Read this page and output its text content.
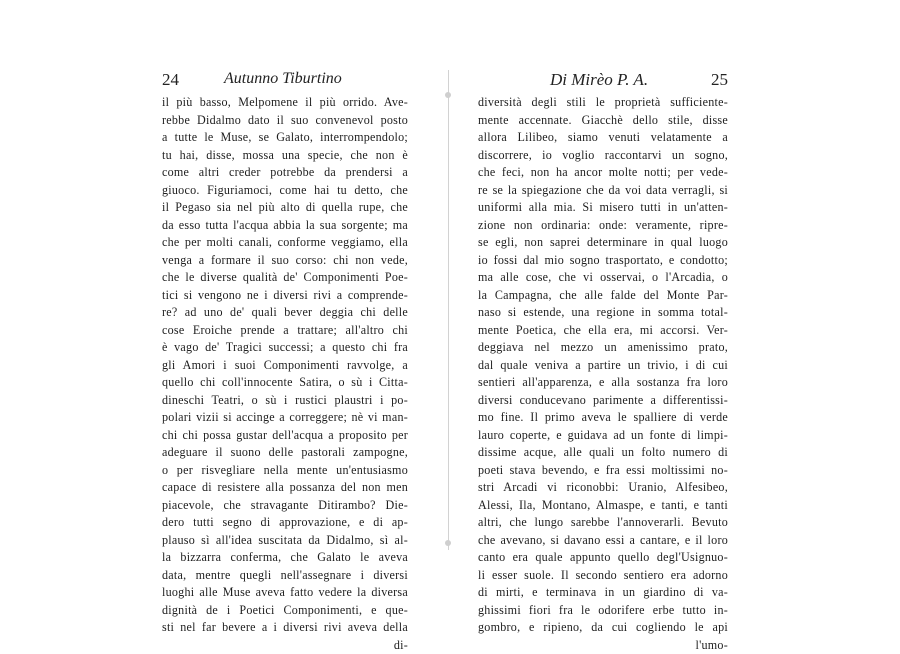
24	Autunno Tiburtino
il più basso, Melpomene il più orrido. Ave-
rebbe Didalmo dato il suo convenevol posto
a tutte le Muse, se Galato, interrompendolo;
tu hai, disse, mossa una specie, che non è
come altri creder potrebbe da prendersi a
giuoco. Figuriamoci, come hai tu detto, che
il Pegaso sia nel più alto di quella rupe, che
da esso tutta l'acqua abbia la sua sorgente; ma
che per molti canali, conforme veggiamo, ella
venga a formare il suo corso: chi non vede,
che le diverse qualità de' Componimenti Poe-
tici si vengono ne i diversi rivi a comprende-
re? ad uno de' quali bever deggia chi delle
cose Eroiche prende a trattare; all'altro chi
è vago de' Tragici successi; a questo chi fra
gli Amori i suoi Componimenti ravvolge, a
quello chi coll'innocente Satira, o sù i Citta-
dineschi Teatri, o sù i rustici plaustri i po-
polari vizii si accinge a correggere; nè vi man-
chi chi possa gustar dell'acqua a proposito per
adeguare il suono delle pastorali zampogne,
o per risvegliare nella mente un'entusiasmo
capace di resistere alla possanza del non men
piacevole, che stravagante Ditirambo? Die-
dero tutti segno di approvazione, e di ap-
plauso sì all'idea suscitata da Didalmo, sì al-
la bizzarra conferma, che Galato le aveva
data, mentre quegli nell'assegnare i diversi
luoghi alle Muse aveva fatto vedere la diversa
dignità de i Poetici Componimenti, e que-
sti nel far bevere a i diversi rivi aveva della
di-
Di Mirèo P. A.	25
diversità degli stili le proprietà sufficiente-
mente accennate. Giacchè dello stile, disse
allora Lilibeo, siamo venuti velatamente a
discorrere, io voglio raccontarvi un sogno,
che feci, non ha ancor molte notti; per vede-
re se la spiegazione che da voi data verragli, si
uniformi alla mia. Si misero tutti in un'atten-
zione non ordinaria: onde: veramente, ripre-
se egli, non saprei determinare in qual luogo
io fossi dal mio sogno trasportato, e condotto;
ma alle cose, che vi osservai, o l'Arcadia, o
la Campagna, che alle falde del Monte Par-
naso si estende, una regione in somma total-
mente Poetica, che ella era, mi accorsi. Ver-
deggiava nel mezzo un amenissimo prato,
dal quale veniva a partire un trivio, i di cui
sentieri all'apparenza, e alla sostanza fra loro
diversi conducevano parimente a differentissi-
mo fine. Il primo aveva le spalliere di verde
lauro coperte, e guidava ad un fonte di limpi-
dissime acque, alle quali un folto numero di
poeti stava bevendo, e fra essi moltissimi no-
stri Arcadi vi riconobbi: Uranio, Alfesibeo,
Alessi, Ila, Montano, Almaspe, e tanti, e tanti
altri, che lungo sarebbe l'annoverarli. Bevuto
che avevano, si davano essi a cantare, e il loro
canto era quale appunto quello degl'Usignuo-
li esser suole. Il secondo sentiero era adorno
di mirti, e terminava in un giardino di va-
ghissimi fiori fra le odorifere erbe tutto in-
gombro, e ripieno, da cui cogliendo le api
l'umo-
